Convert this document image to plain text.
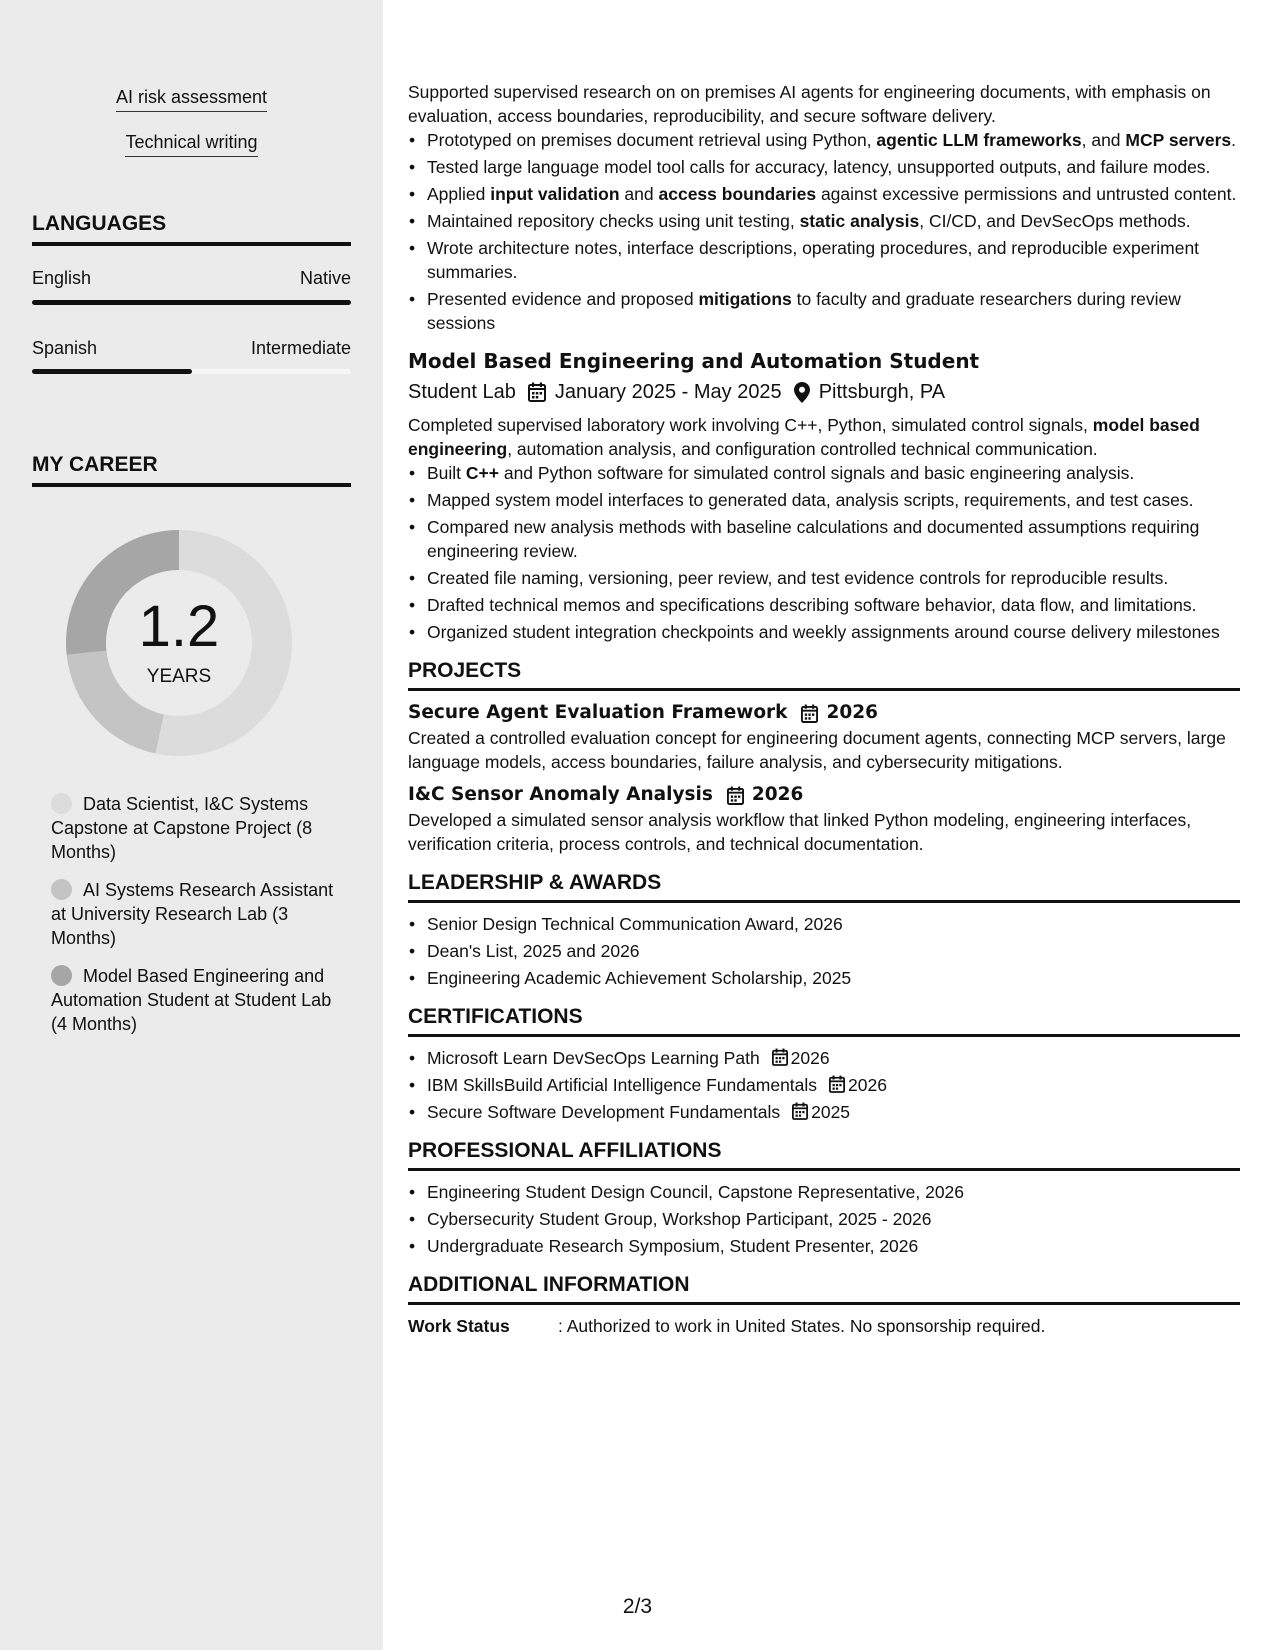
AI risk assessment
Technical writing
LANGUAGES
English	Native
Spanish	Intermediate
MY CAREER
1.2
YEARS
Data Scientist, I&C Systems Capstone at Capstone Project (8 Months)
AI Systems Research Assistant at University Research Lab (3 Months)
Model Based Engineering and Automation Student at Student Lab (4 Months)

Supported supervised research on on premises AI agents for engineering documents, with emphasis on evaluation, access boundaries, reproducibility, and secure software delivery.

• Prototyped on premises document retrieval using Python, agentic LLM frameworks, and MCP servers.
• Tested large language model tool calls for accuracy, latency, unsupported outputs, and failure modes.
• Applied input validation and access boundaries against excessive permissions and untrusted content.
• Maintained repository checks using unit testing, static analysis, CI/CD, and DevSecOps methods.
• Wrote architecture notes, interface descriptions, operating procedures, and reproducible experiment summaries.
• Presented evidence and proposed mitigations to faculty and graduate researchers during review sessions
Model Based Engineering and Automation Student
Student Lab January 2025 - May 2025 Pittsburgh, PA

Completed supervised laboratory work involving C++, Python, simulated control signals, model based engineering, automation analysis, and configuration controlled technical communication.

• Built C++ and Python software for simulated control signals and basic engineering analysis.
• Mapped system model interfaces to generated data, analysis scripts, requirements, and test cases.
• Compared new analysis methods with baseline calculations and documented assumptions requiring engineering review.
• Created file naming, versioning, peer review, and test evidence controls for reproducible results.
• Drafted technical memos and specifications describing software behavior, data flow, and limitations.
• Organized student integration checkpoints and weekly assignments around course delivery milestones
PROJECTS
Secure Agent Evaluation Framework 2026

Created a controlled evaluation concept for engineering document agents, connecting MCP servers, large language models, access boundaries, failure analysis, and cybersecurity mitigations.

I&C Sensor Anomaly Analysis 2026

Developed a simulated sensor analysis workflow that linked Python modeling, engineering interfaces, verification criteria, process controls, and technical documentation.

LEADERSHIP & AWARDS
• Senior Design Technical Communication Award, 2026
• Dean's List, 2025 and 2026
• Engineering Academic Achievement Scholarship, 2025
CERTIFICATIONS
• Microsoft Learn DevSecOps Learning Path 2026
• IBM SkillsBuild Artificial Intelligence Fundamentals 2026
• Secure Software Development Fundamentals 2025
PROFESSIONAL AFFILIATIONS
• Engineering Student Design Council, Capstone Representative, 2026
• Cybersecurity Student Group, Workshop Participant, 2025 - 2026
• Undergraduate Research Symposium, Student Presenter, 2026
ADDITIONAL INFORMATION
Work Status	: Authorized to work in United States. No sponsorship required.
2/3
